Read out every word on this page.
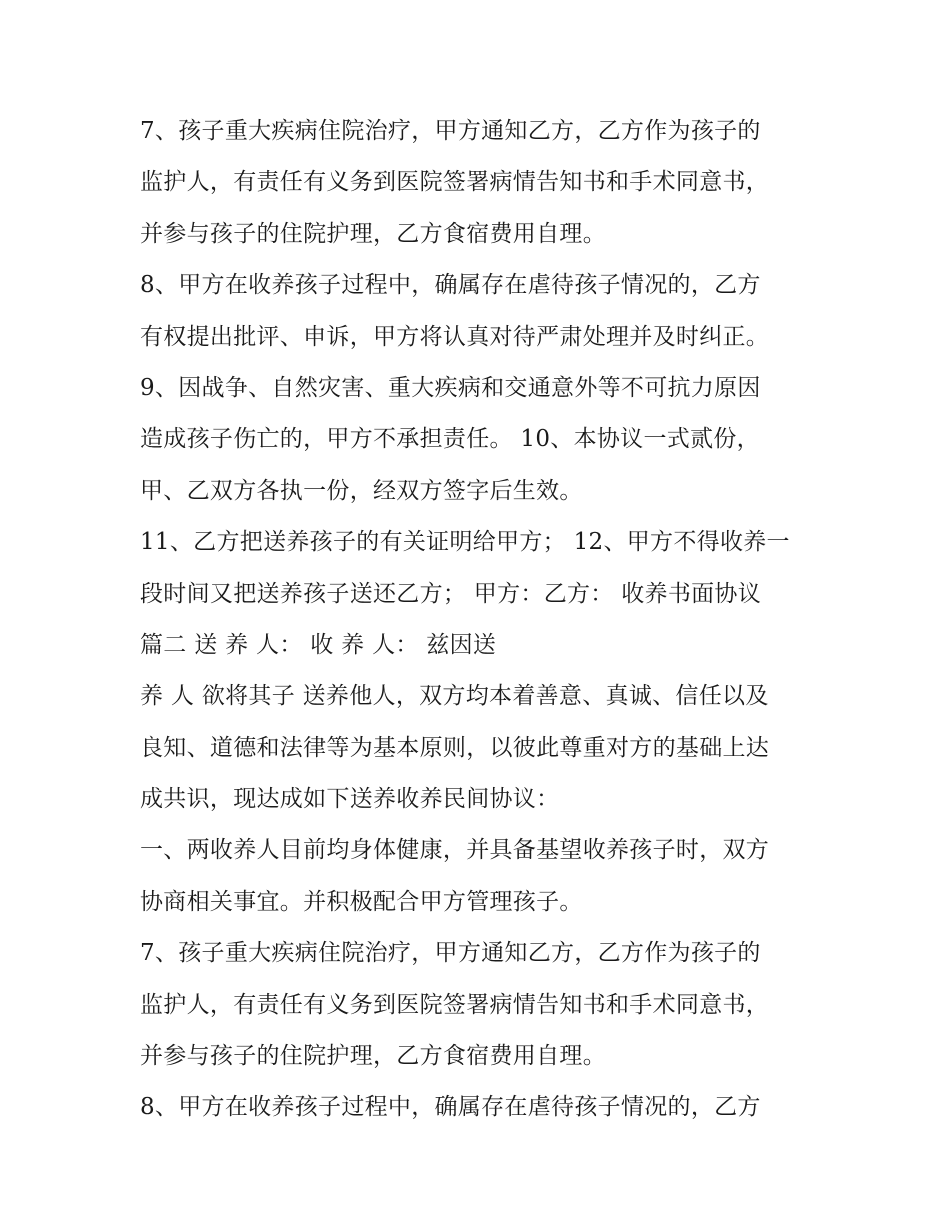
7、孩子重大疾病住院治疗，甲方通知乙方，乙方作为孩子的
监护人，有责任有义务到医院签署病情告知书和手术同意书，
并参与孩子的住院护理，乙方食宿费用自理。
8、甲方在收养孩子过程中，确属存在虐待孩子情况的，乙方
有权提出批评、申诉，甲方将认真对待严肃处理并及时纠正。
9、因战争、自然灾害、重大疾病和交通意外等不可抗力原因
造成孩子伤亡的，甲方不承担责任。 10、本协议一式贰份，
甲、乙双方各执一份，经双方签字后生效。
11、乙方把送养孩子的有关证明给甲方； 12、甲方不得收养一
段时间又把送养孩子送还乙方； 甲方：乙方： 收养书面协议
篇二 送 养 人： 收 养 人： 兹因送
养 人 欲将其子 送养他人，双方均本着善意、真诚、信任以及
良知、道德和法律等为基本原则，以彼此尊重对方的基础上达
成共识，现达成如下送养收养民间协议：
一、两收养人目前均身体健康，并具备基望收养孩子时，双方
协商相关事宜。并积极配合甲方管理孩子。
7、孩子重大疾病住院治疗，甲方通知乙方，乙方作为孩子的
监护人，有责任有义务到医院签署病情告知书和手术同意书，
并参与孩子的住院护理，乙方食宿费用自理。
8、甲方在收养孩子过程中，确属存在虐待孩子情况的，乙方
